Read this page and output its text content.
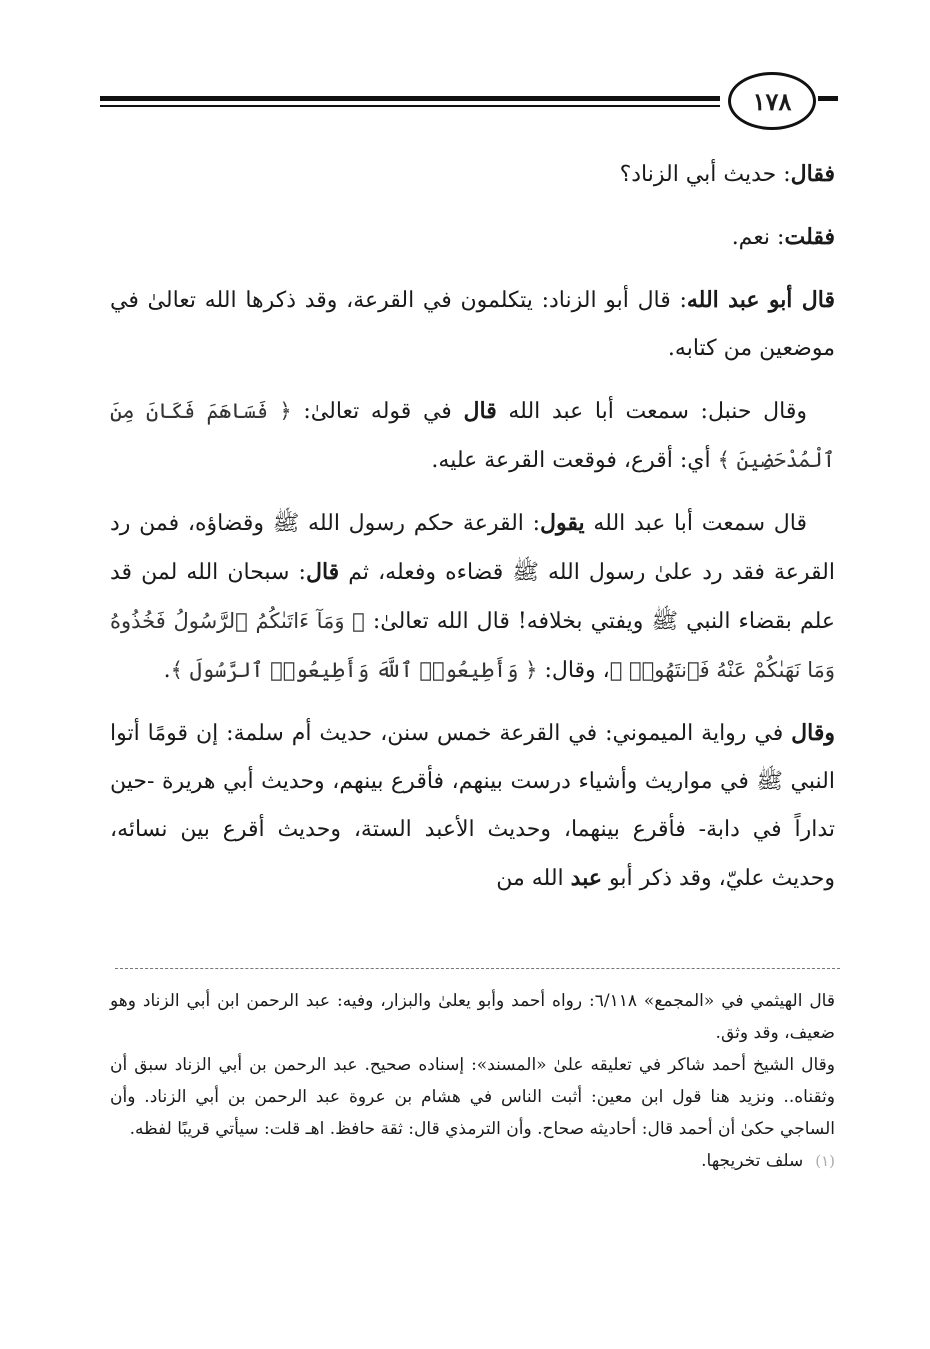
١٧٨

فقال: حديث أبي الزناد؟

فقلت: نعم.

قال أبو عبد الله: قال أبو الزناد: يتكلمون في القرعة، وقد ذكرها الله تعالىٰ في موضعين من كتابه.

وقال حنبل: سمعت أبا عبد الله قال في قوله تعالىٰ: ﴿ فَسَاهَمَ فَكَانَ مِنَ ٱلْمُدْحَضِينَ ﴾ أي: أقرع، فوقعت القرعة عليه.

قال سمعت أبا عبد الله يقول: القرعة حكم رسول الله ﷺ وقضاؤه، فمن رد القرعة فقد رد علىٰ رسول الله ﷺ قضاءه وفعله، ثم قال: سبحان الله لمن قد علم بقضاء النبي ﷺ ويفتي بخلافه! قال الله تعالىٰ: ﴿ وَمَآ ءَاتَىٰكُمُ ٱلرَّسُولُ فَخُذُوهُ وَمَا نَهَىٰكُمْ عَنْهُ فَٱنتَهُوا۟ ﴾، وقال: ﴿ وَأَطِيعُوا۟ ٱللَّهَ وَأَطِيعُوا۟ ٱلرَّسُولَ ﴾.

وقال في رواية الميموني: في القرعة خمس سنن، حديث أم سلمة: إن قومًا أتوا النبي ﷺ في مواريث وأشياء درست بينهم، فأقرع بينهم، وحديث أبي هريرة -حين تداراً في دابة- فأقرع بينهما، وحديث الأعبد الستة، وحديث أقرع بين نسائه، وحديث عليّ، وقد ذكر أبو عبد الله من

قال الهيثمي في «المجمع» ٦/١١٨: رواه أحمد وأبو يعلىٰ والبزار، وفيه: عبد الرحمن ابن أبي الزناد وهو ضعيف، وقد وثق.

وقال الشيخ أحمد شاكر في تعليقه علىٰ «المسند»: إسناده صحيح. عبد الرحمن بن أبي الزناد سبق أن وثقناه.. ونزيد هنا قول ابن معين: أثبت الناس في هشام بن عروة عبد الرحمن بن أبي الزناد. وأن الساجي حكىٰ أن أحمد قال: أحاديثه صحاح. وأن الترمذي قال: ثقة حافظ. اهـ قلت: سيأتي قريبًا لفظه.

(١)سلف تخريجها.
